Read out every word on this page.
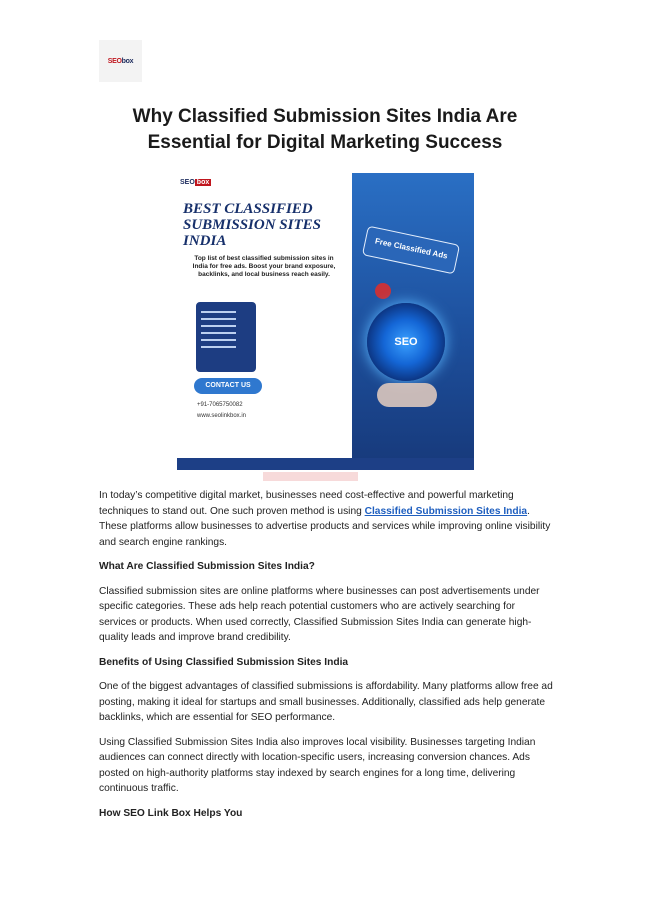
SEObox
Why Classified Submission Sites India Are Essential for Digital Marketing Success
SEO box
BEST CLASSIFIED SUBMISSION SITES INDIA
Top list of best classified submission sites in India for free ads. Boost your brand exposure, backlinks, and local business reach easily.
CONTACT US
+91-7065750082
www.seolinkbox.in
Free Classified Ads
SEO

In today’s competitive digital market, businesses need cost-effective and powerful marketing techniques to stand out. One such proven method is using Classified Submission Sites India. These platforms allow businesses to advertise products and services while improving online visibility and search engine rankings.

What Are Classified Submission Sites India?

Classified submission sites are online platforms where businesses can post advertisements under specific categories. These ads help reach potential customers who are actively searching for services or products. When used correctly, Classified Submission Sites India can generate high-quality leads and improve brand credibility.

Benefits of Using Classified Submission Sites India

One of the biggest advantages of classified submissions is affordability. Many platforms allow free ad posting, making it ideal for startups and small businesses. Additionally, classified ads help generate backlinks, which are essential for SEO performance.

Using Classified Submission Sites India also improves local visibility. Businesses targeting Indian audiences can connect directly with location-specific users, increasing conversion chances. Ads posted on high-authority platforms stay indexed by search engines for a long time, delivering continuous traffic.

How SEO Link Box Helps You
